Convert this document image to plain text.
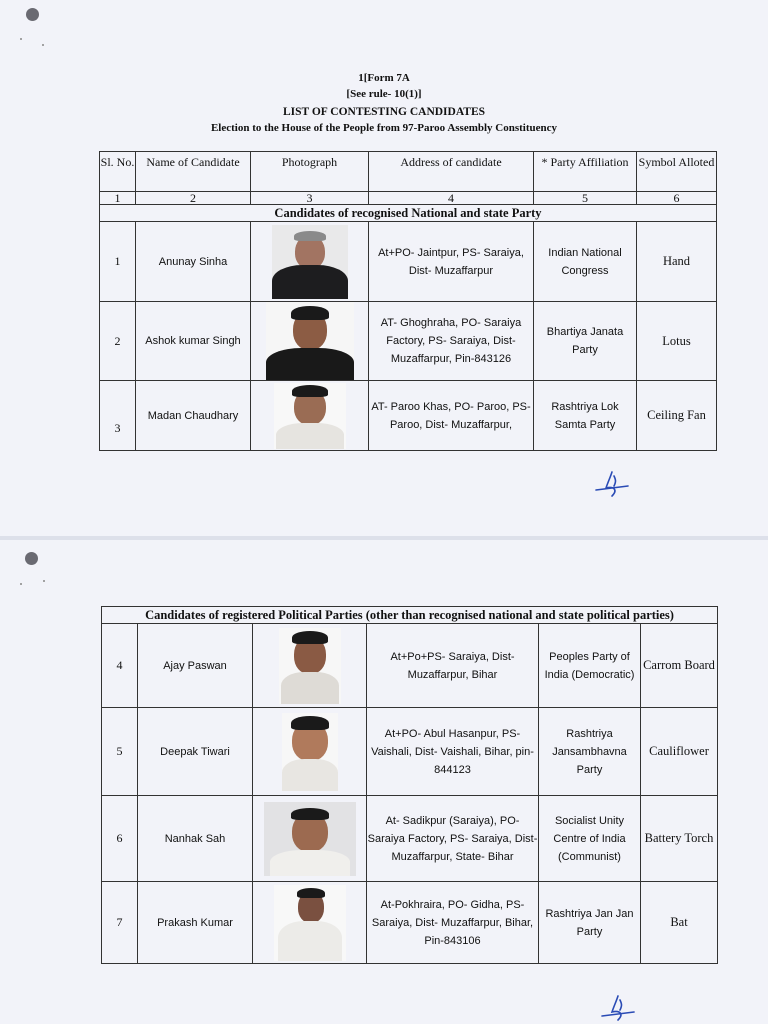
1[Form 7A
[See rule- 10(1)]
LIST OF CONTESTING CANDIDATES
Election to the House of the People from 97-Paroo Assembly Constituency
Sl. No.	Name of Candidate	Photograph	Address of candidate	* Party Affiliation	Symbol Alloted
1	2	3	4	5	6
Candidates of recognised National and state Party					
1	Anunay Sinha		At+PO- Jaintpur, PS- Saraiya, Dist- Muzaffarpur	Indian National Congress	Hand
2	Ashok kumar Singh		AT- Ghoghraha, PO- Saraiya Factory, PS- Saraiya, Dist- Muzaffarpur, Pin-843126	Bhartiya Janata Party	Lotus
3	Madan Chaudhary		AT- Paroo Khas, PO- Paroo, PS- Paroo, Dist- Muzaffarpur,	Rashtriya Lok Samta Party	Ceiling Fan
Candidates of registered Political Parties (other than recognised national and state political parties)					
4	Ajay Paswan		At+Po+PS- Saraiya, Dist- Muzaffarpur, Bihar	Peoples Party of India (Democratic)	Carrom Board
5	Deepak Tiwari		At+PO- Abul Hasanpur, PS- Vaishali, Dist- Vaishali, Bihar, pin- 844123	Rashtriya Jansambhavna Party	Cauliflower
6	Nanhak Sah		At- Sadikpur (Saraiya), PO- Saraiya Factory, PS- Saraiya, Dist- Muzaffarpur, State- Bihar	Socialist Unity Centre of India (Communist)	Battery Torch
7	Prakash Kumar		At-Pokhraira, PO- Gidha, PS- Saraiya, Dist- Muzaffarpur, Bihar, Pin-843106	Rashtriya Jan Jan Party	Bat
